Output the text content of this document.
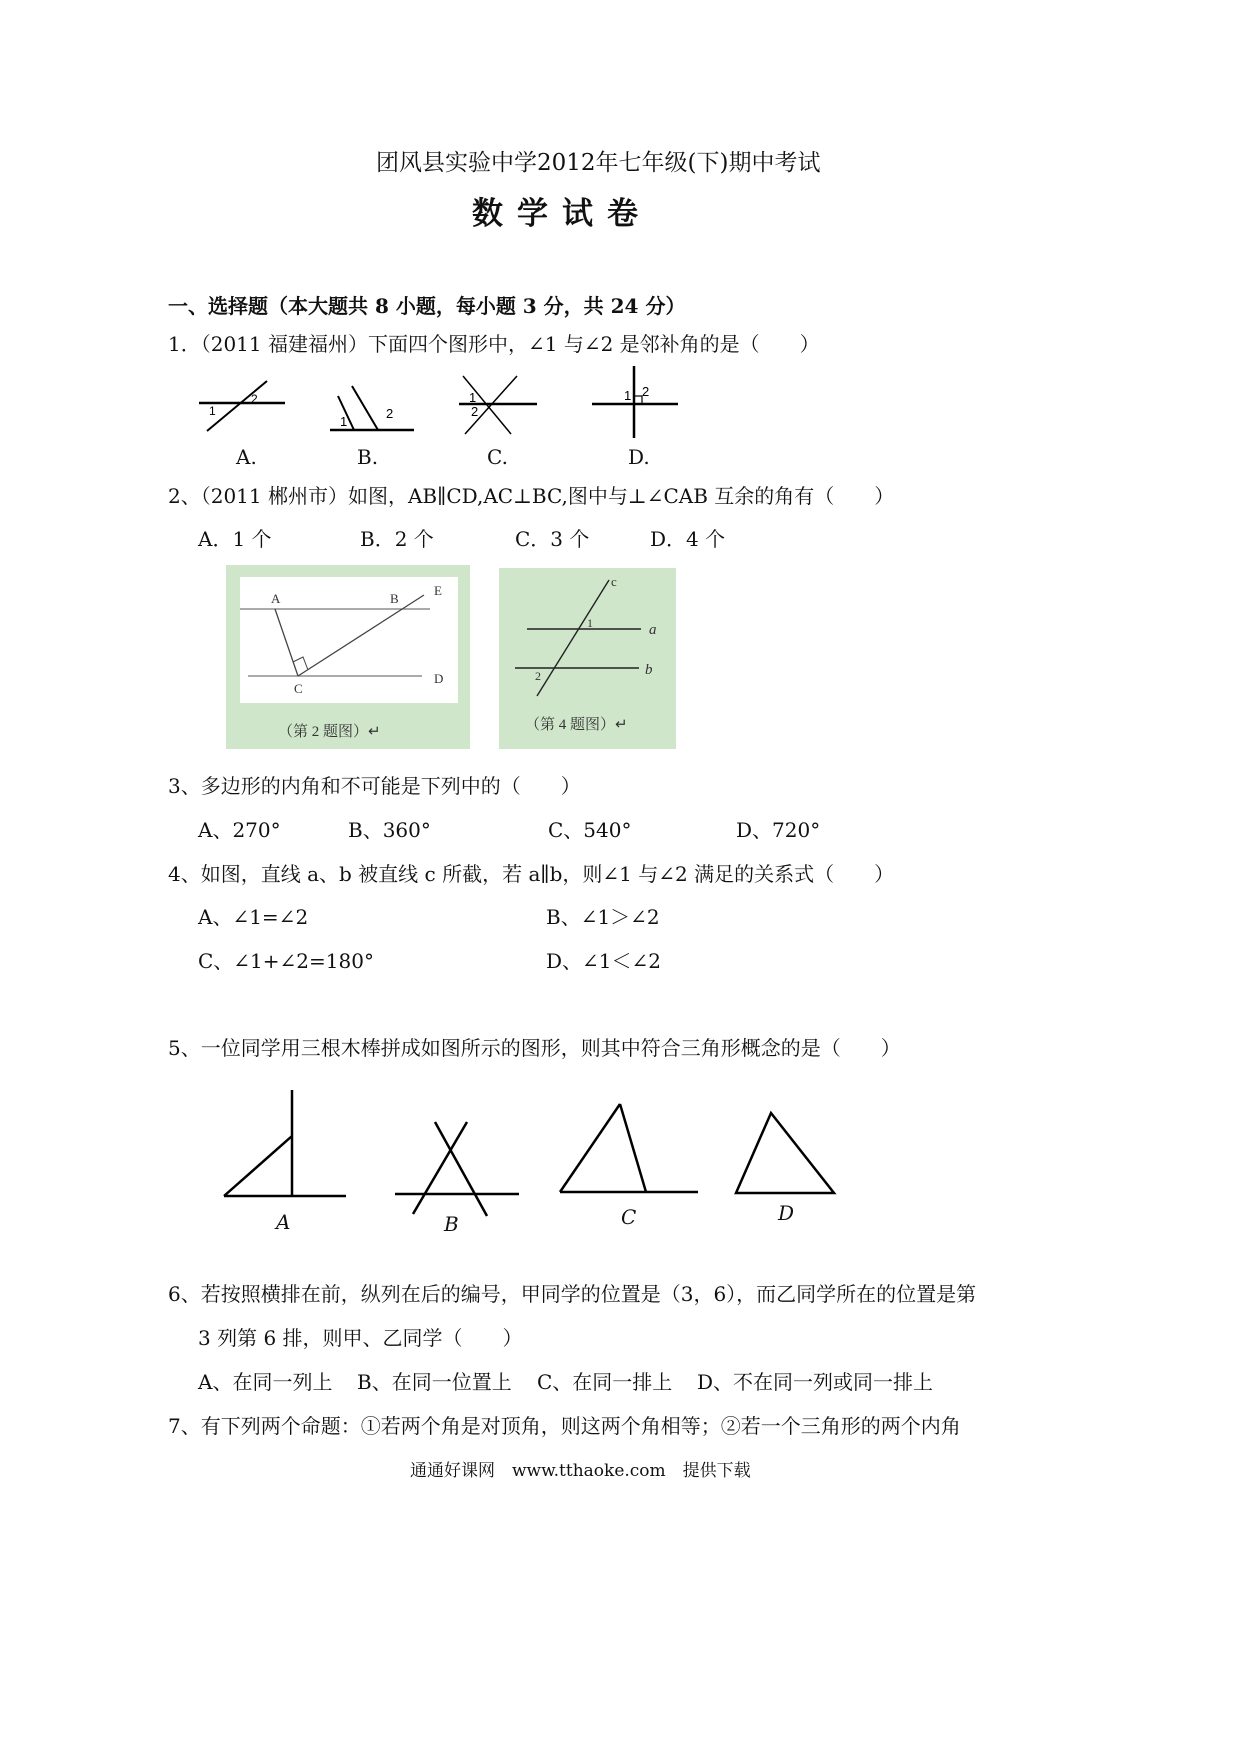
团风县实验中学2012年七年级(下)期中考试
数学试卷
一、选择题（本大题共 8 小题，每小题 3 分，共 24 分）
1．（2011 福建福州）下面四个图形中，∠1 与∠2 是邻补角的是（　　）
1
2
1
2
1
2
1 2
A.	B.	C.	D.
2、（2011 郴州市）如图，AB∥CD,AC⊥BC,图中与⊥∠CAB 互余的角有（　　）
A．1 个	B．2 个	C．3 个	D．4 个
A	B
E
C
D
（第 2 题图）↵
c
a
b
1
2
（第 4 题图）↵
3、多边形的内角和不可能是下列中的（　　）
A、270°	B、360°	C、540°	D、720°
4、如图，直线 a、b 被直线 c 所截，若 a∥b，则∠1 与∠2 满足的关系式（　　）
A、∠1=∠2	B、∠1＞∠2
C、∠1+∠2=180°	D、∠1＜∠2
5、一位同学用三根木棒拼成如图所示的图形，则其中符合三角形概念的是（　　）
A	B	C	D
6、若按照横排在前，纵列在后的编号，甲同学的位置是（3，6），而乙同学所在的位置是第
3 列第 6 排，则甲、乙同学（　　）
A、在同一列上 B、在同一位置上 C、在同一排上 D、不在同一列或同一排上
7、有下列两个命题：①若两个角是对顶角，则这两个角相等；②若一个三角形的两个内角
通通好课网　www.tthaoke.com　提供下载
